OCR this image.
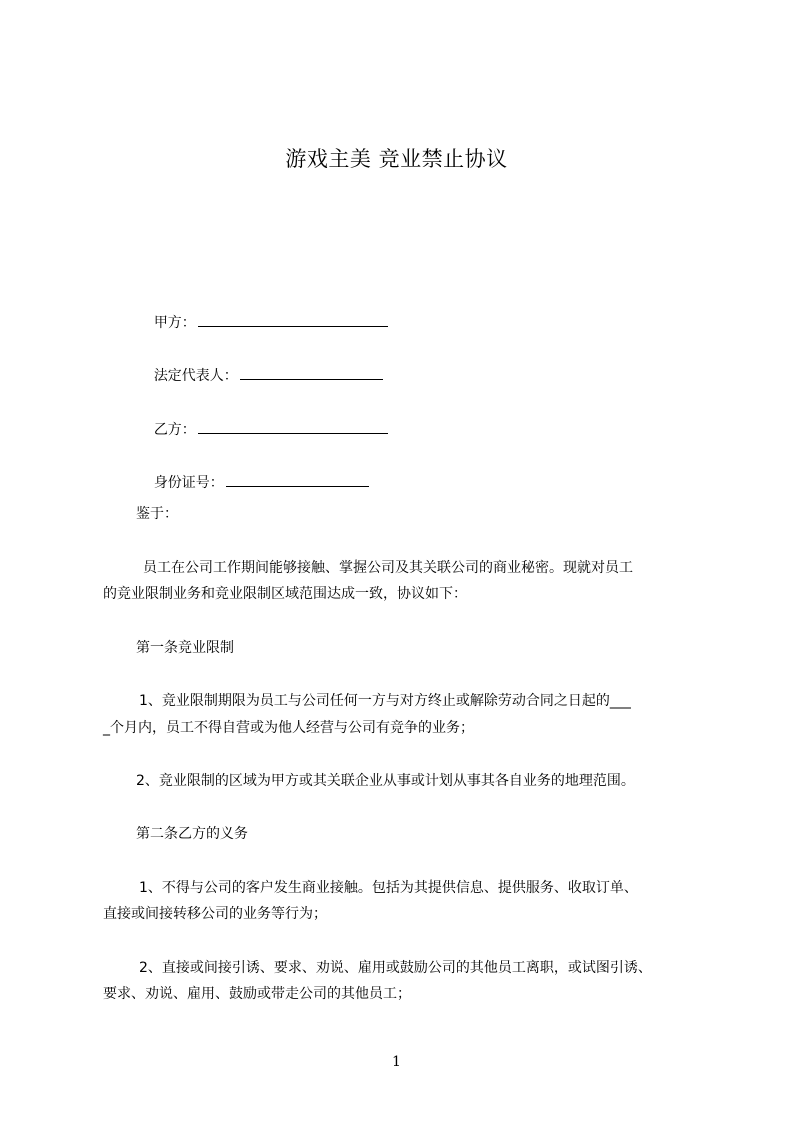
游戏主美 竞业禁止协议

甲方：

法定代表人：

乙方：

身份证号：

鉴于：
员工在公司工作期间能够接触、掌握公司及其关联公司的商业秘密。现就对员工
的竞业限制业务和竞业限制区域范围达成一致，协议如下：
第一条竞业限制
1、竞业限制期限为员工与公司任何一方与对方终止或解除劳动合同之日起的___
_个月内，员工不得自营或为他人经营与公司有竞争的业务；
2、竞业限制的区域为甲方或其关联企业从事或计划从事其各自业务的地理范围。
第二条乙方的义务
1、不得与公司的客户发生商业接触。包括为其提供信息、提供服务、收取订单、
直接或间接转移公司的业务等行为；
2、直接或间接引诱、要求、劝说、雇用或鼓励公司的其他员工离职，或试图引诱、
要求、劝说、雇用、鼓励或带走公司的其他员工；
1
